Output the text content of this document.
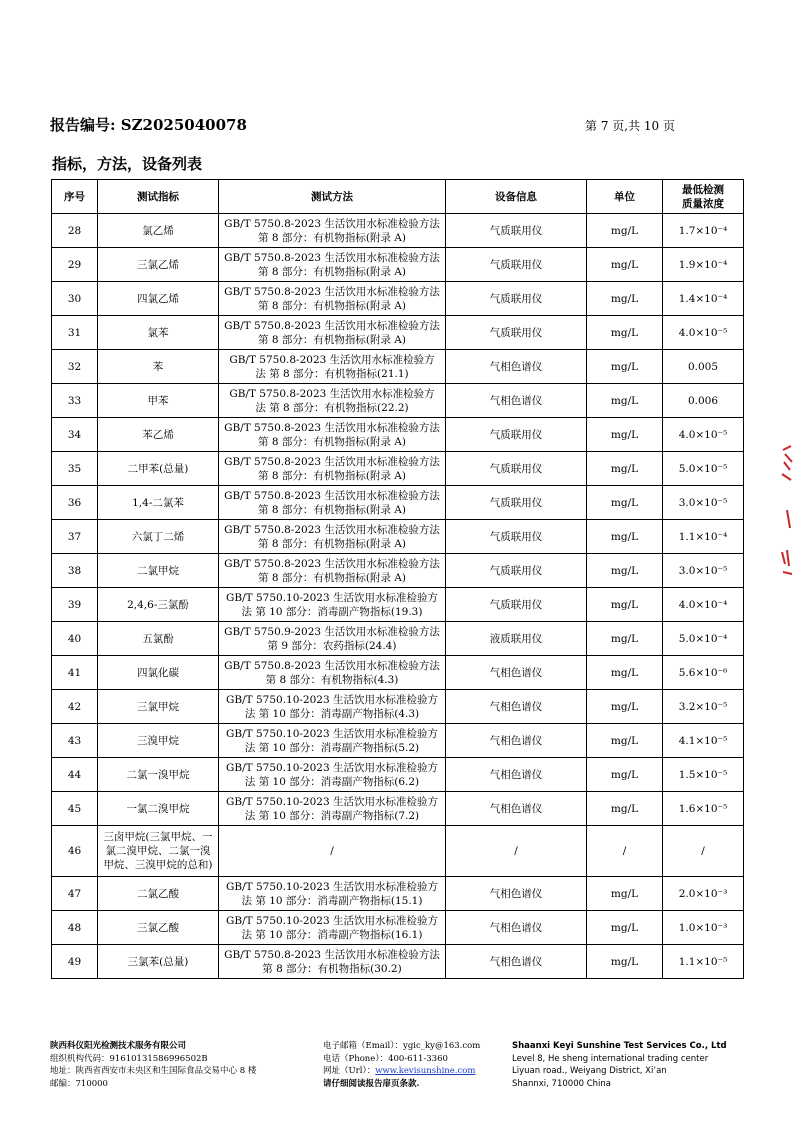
报告编号: SZ2025040078	第 7 页,共 10 页
指标，方法，设备列表
序号	测试指标	测试方法	设备信息	单位	最低检测
质量浓度
28	氯乙烯	GB/T 5750.8-2023 生活饮用水标准检验方法
第 8 部分：有机物指标(附录 A)	气质联用仪	mg/L	1.7×10⁻⁴
29	三氯乙烯	GB/T 5750.8-2023 生活饮用水标准检验方法
第 8 部分：有机物指标(附录 A)	气质联用仪	mg/L	1.9×10⁻⁴
30	四氯乙烯	GB/T 5750.8-2023 生活饮用水标准检验方法
第 8 部分：有机物指标(附录 A)	气质联用仪	mg/L	1.4×10⁻⁴
31	氯苯	GB/T 5750.8-2023 生活饮用水标准检验方法
第 8 部分：有机物指标(附录 A)	气质联用仪	mg/L	4.0×10⁻⁵
32	苯	GB/T 5750.8-2023 生活饮用水标准检验方
法 第 8 部分：有机物指标(21.1)	气相色谱仪	mg/L	0.005
33	甲苯	GB/T 5750.8-2023 生活饮用水标准检验方
法 第 8 部分：有机物指标(22.2)	气相色谱仪	mg/L	0.006
34	苯乙烯	GB/T 5750.8-2023 生活饮用水标准检验方法
第 8 部分：有机物指标(附录 A)	气质联用仪	mg/L	4.0×10⁻⁵
35	二甲苯(总量)	GB/T 5750.8-2023 生活饮用水标准检验方法
第 8 部分：有机物指标(附录 A)	气质联用仪	mg/L	5.0×10⁻⁵
36	1,4-二氯苯	GB/T 5750.8-2023 生活饮用水标准检验方法
第 8 部分：有机物指标(附录 A)	气质联用仪	mg/L	3.0×10⁻⁵
37	六氯丁二烯	GB/T 5750.8-2023 生活饮用水标准检验方法
第 8 部分：有机物指标(附录 A)	气质联用仪	mg/L	1.1×10⁻⁴
38	二氯甲烷	GB/T 5750.8-2023 生活饮用水标准检验方法
第 8 部分：有机物指标(附录 A)	气质联用仪	mg/L	3.0×10⁻⁵
39	2,4,6-三氯酚	GB/T 5750.10-2023 生活饮用水标准检验方
法 第 10 部分：消毒副产物指标(19.3)	气质联用仪	mg/L	4.0×10⁻⁴
40	五氯酚	GB/T 5750.9-2023 生活饮用水标准检验方法
第 9 部分：农药指标(24.4)	液质联用仪	mg/L	5.0×10⁻⁴
41	四氯化碳	GB/T 5750.8-2023 生活饮用水标准检验方法
第 8 部分：有机物指标(4.3)	气相色谱仪	mg/L	5.6×10⁻⁶
42	三氯甲烷	GB/T 5750.10-2023 生活饮用水标准检验方
法 第 10 部分：消毒副产物指标(4.3)	气相色谱仪	mg/L	3.2×10⁻⁵
43	三溴甲烷	GB/T 5750.10-2023 生活饮用水标准检验方
法 第 10 部分：消毒副产物指标(5.2)	气相色谱仪	mg/L	4.1×10⁻⁵
44	二氯一溴甲烷	GB/T 5750.10-2023 生活饮用水标准检验方
法 第 10 部分：消毒副产物指标(6.2)	气相色谱仪	mg/L	1.5×10⁻⁵
45	一氯二溴甲烷	GB/T 5750.10-2023 生活饮用水标准检验方
法 第 10 部分：消毒副产物指标(7.2)	气相色谱仪	mg/L	1.6×10⁻⁵
46	三卤甲烷(三氯甲烷、一
氯二溴甲烷、二氯一溴
甲烷、三溴甲烷的总和)	/	/	/	/
47	二氯乙酸	GB/T 5750.10-2023 生活饮用水标准检验方
法 第 10 部分：消毒副产物指标(15.1)	气相色谱仪	mg/L	2.0×10⁻³
48	三氯乙酸	GB/T 5750.10-2023 生活饮用水标准检验方
法 第 10 部分：消毒副产物指标(16.1)	气相色谱仪	mg/L	1.0×10⁻³
49	三氯苯(总量)	GB/T 5750.8-2023 生活饮用水标准检验方法
第 8 部分：有机物指标(30.2)	气相色谱仪	mg/L	1.1×10⁻⁵
陕西科仪阳光检测技术服务有限公司
组织机构代码：91610131586996502B
地址：陕西省西安市未央区和生国际食品交易中心 8 楼
邮编：710000
电子邮箱（Email）：ygic_ky@163.com
电话（Phone）：400-611-3360
网址（Url）：www.kevisunshine.com
请仔细阅读报告扉页条款.
Shaanxi Keyi Sunshine Test Services Co., Ltd
Level 8, He sheng international trading center
Liyuan road., Weiyang District, Xi’an
Shannxi, 710000 China
